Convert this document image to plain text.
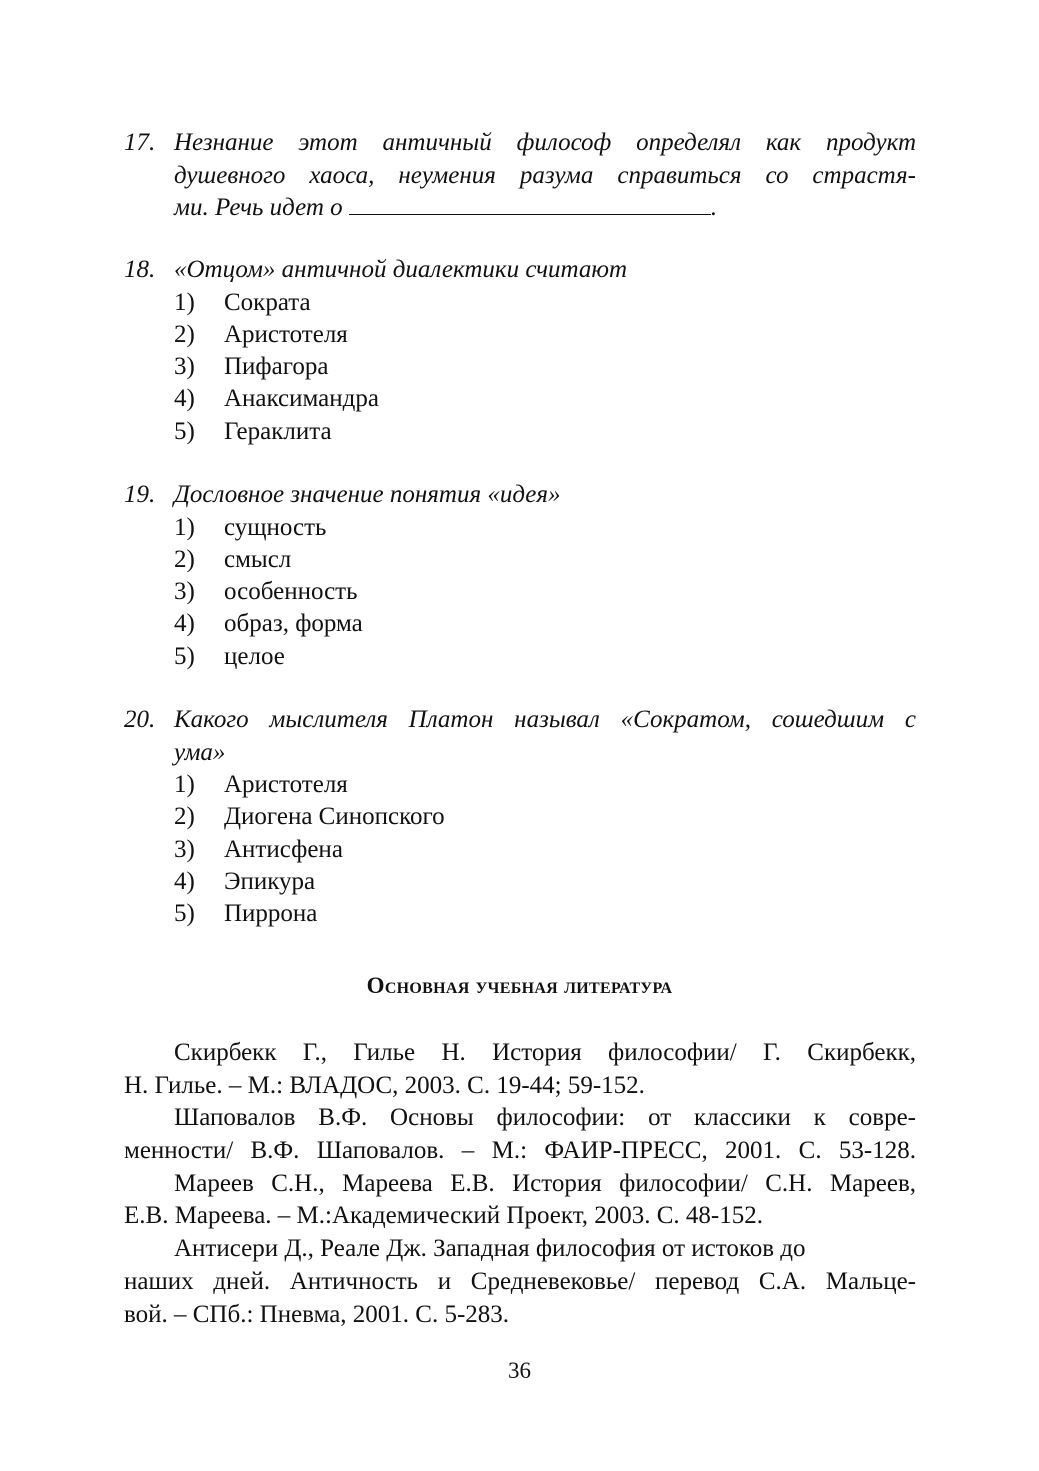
17. Незнание этот античный философ определял как продукт
душевного хаоса, неумения разума справиться со страстя-
ми. Речь идет о	.
18. «Отцом» античной диалектики считают
1) Сократа
2) Аристотеля
3) Пифагора
4) Анаксимандра
5) Гераклита
19. Дословное значение понятия «идея»
1) сущность
2) смысл
3) особенность
4) образ, форма
5) целое
20. Какого мыслителя Платон называл «Сократом, сошедшим с
ума»
1) Аристотеля
2) Диогена Синопского
3) Антисфена
4) Эпикура
5) Пиррона
Основная учебная литература
Скирбекк Г., Гилье Н. История философии/ Г. Скирбекк,
Н. Гилье. – М.: ВЛАДОС, 2003. С. 19-44; 59-152.
Шаповалов В.Ф. Основы философии: от классики к совре-
менности/ В.Ф. Шаповалов. – М.: ФАИР-ПРЕСС, 2001. С. 53-128.
Мареев С.Н., Мареева Е.В. История философии/ С.Н. Мареев,
Е.В. Мареева. – М.:Академический Проект, 2003. С. 48-152.
Антисери Д., Реале Дж. Западная философия от истоков до
наших дней. Античность и Средневековье/ перевод С.А. Мальце-
вой. – СПб.: Пневма, 2001. С. 5-283.
36
